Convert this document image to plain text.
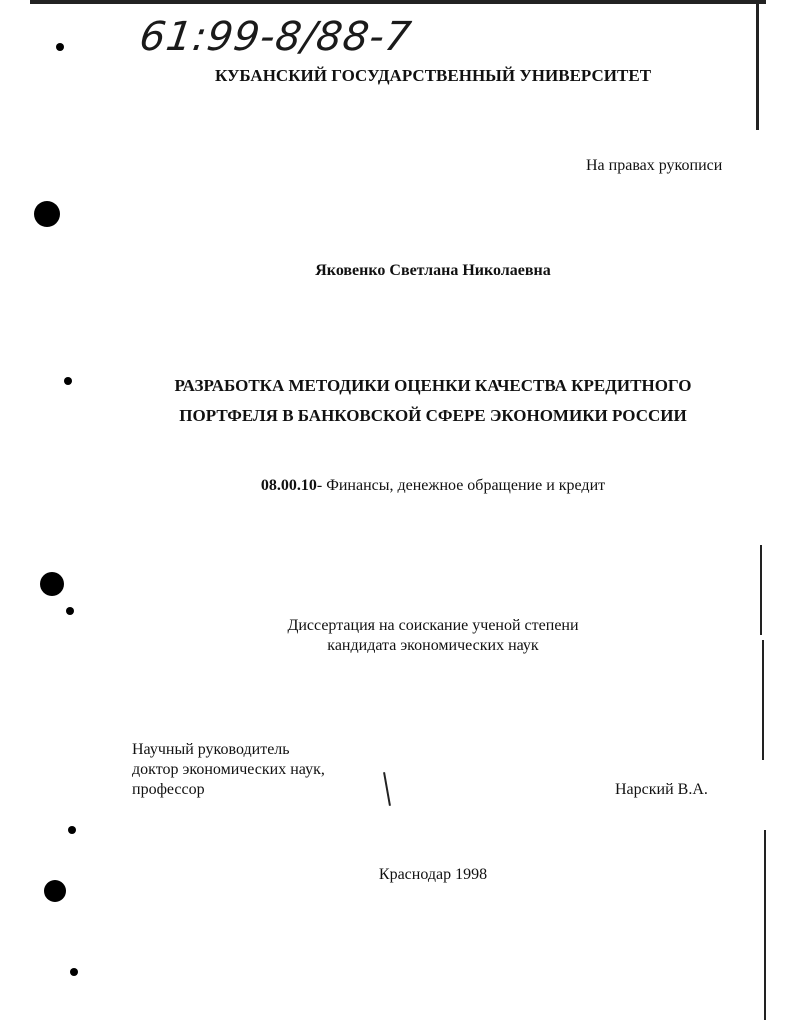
61:99-8/88-7
КУБАНСКИЙ ГОСУДАРСТВЕННЫЙ УНИВЕРСИТЕТ
На правах рукописи
Яковенко Светлана Николаевна
РАЗРАБОТКА МЕТОДИКИ ОЦЕНКИ КАЧЕСТВА КРЕДИТНОГО
ПОРТФЕЛЯ В БАНКОВСКОЙ СФЕРЕ ЭКОНОМИКИ РОССИИ
08.00.10- Финансы, денежное обращение и кредит
Диссертация на соискание ученой степени
кандидата экономических наук
Научный руководитель
доктор экономических наук,
профессор	Нарский В.А.
Краснодар 1998
